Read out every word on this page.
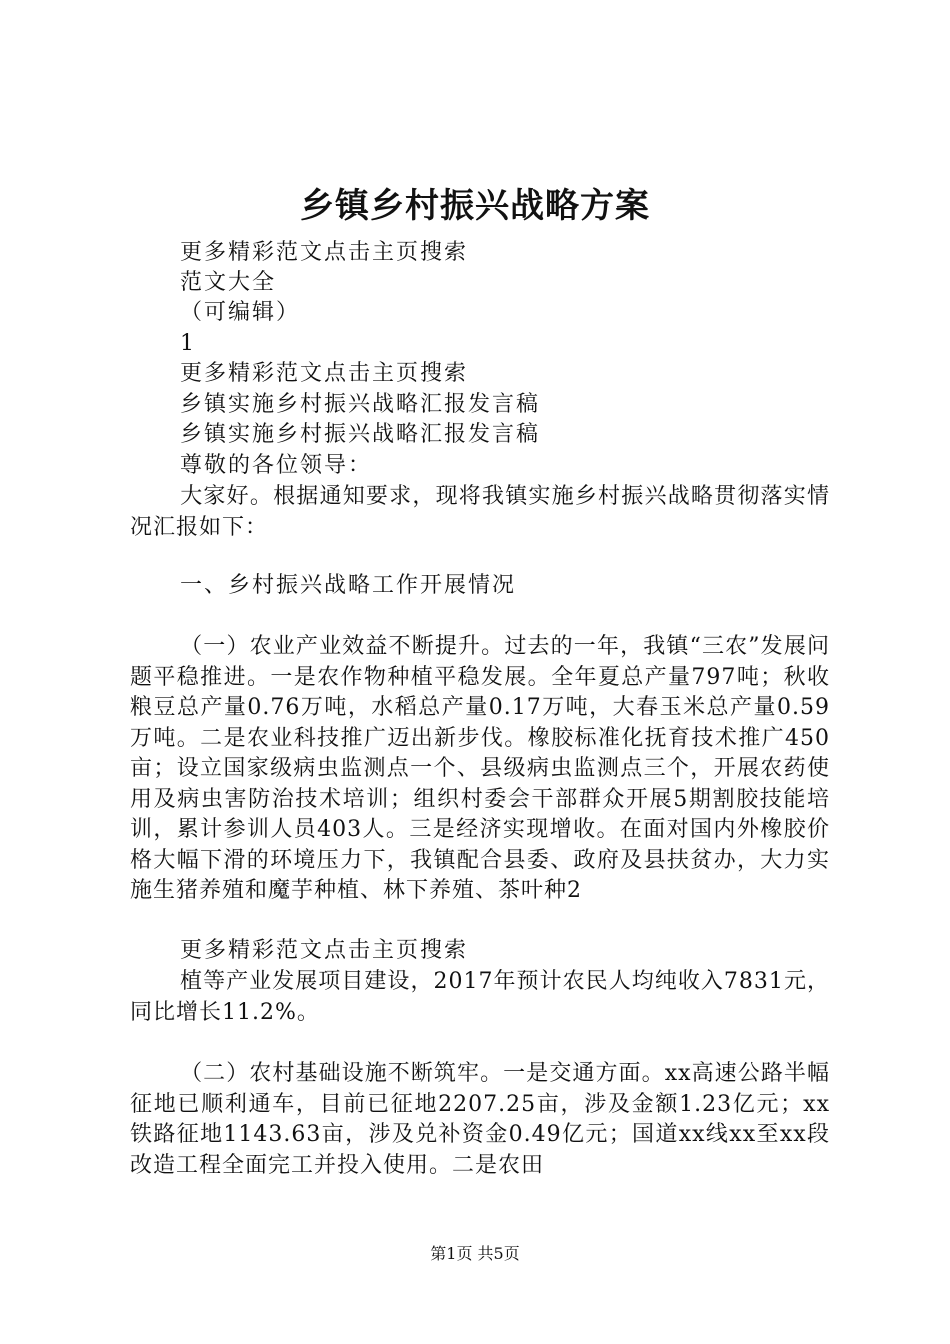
乡镇乡村振兴战略方案
更多精彩范文点击主页搜索
范文大全
（可编辑）
1
更多精彩范文点击主页搜索
乡镇实施乡村振兴战略汇报发言稿
乡镇实施乡村振兴战略汇报发言稿
尊敬的各位领导：
大家好。根据通知要求，现将我镇实施乡村振兴战略贯彻落实情况汇报如下：
一、乡村振兴战略工作开展情况
（一）农业产业效益不断提升。过去的一年，我镇“三农”发展问题平稳推进。一是农作物种植平稳发展。全年夏总产量797吨；秋收粮豆总产量0.76万吨，水稻总产量0.17万吨，大春玉米总产量0.59万吨。二是农业科技推广迈出新步伐。橡胶标准化抚育技术推广450亩；设立国家级病虫监测点一个、县级病虫监测点三个，开展农药使用及病虫害防治技术培训；组织村委会干部群众开展5期割胶技能培训，累计参训人员403人。三是经济实现增收。在面对国内外橡胶价格大幅下滑的环境压力下，我镇配合县委、政府及县扶贫办，大力实施生猪养殖和魔芋种植、林下养殖、茶叶种2
更多精彩范文点击主页搜索
植等产业发展项目建设，2017年预计农民人均纯收入7831元，同比增长11.2%。
（二）农村基础设施不断筑牢。一是交通方面。xx高速公路半幅征地已顺利通车，目前已征地2207.25亩，涉及金额1.23亿元；xx铁路征地1143.63亩，涉及兑补资金0.49亿元；国道xx线xx至xx段改造工程全面完工并投入使用。二是农田
第1页 共5页
